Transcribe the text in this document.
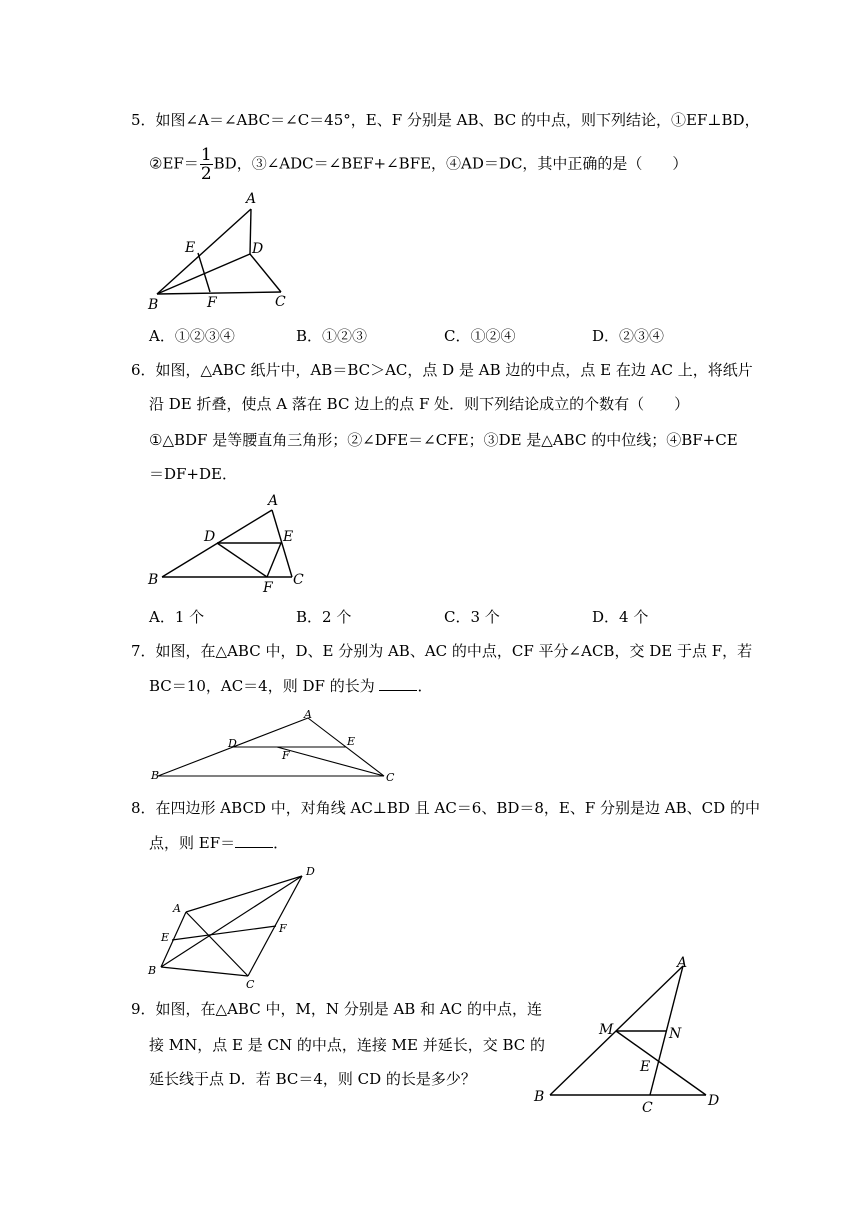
5．如图∠A＝∠ABC＝∠C＝45°，E、F 分别是 AB、BC 的中点，则下列结论，①EF⊥BD，
②EF＝ $\frac{1}{2}$ BD，③∠ADC＝∠BEF+∠BFE，④AD＝DC，其中正确的是（　　）
A
B	C
D
E
F
A．①②③④	B．①②③	C．①②④	D．②③④
6．如图，△ABC 纸片中，AB＝BC＞AC，点 D 是 AB 边的中点，点 E 在边 AC 上，将纸片
沿 DE 折叠，使点 A 落在 BC 边上的点 F 处．则下列结论成立的个数有（　　）
①△BDF 是等腰直角三角形；②∠DFE＝∠CFE；③DE 是△ABC 的中位线；④BF+CE
＝DF+DE．
A
B	C
D	E
F
A．1 个	B．2 个	C．3 个	D．4 个
7．如图，在△ABC 中，D、E 分别为 AB、AC 的中点，CF 平分∠ACB，交 DE 于点 F，若
BC＝10，AC＝4，则 DF 的长为	．
A
B	C
D	E
F
8．在四边形 ABCD 中，对角线 AC⊥BD 且 AC＝6、BD＝8，E、F 分别是边 AB、CD 的中
点，则 EF＝	．
A
B
C
D
E
F
9．如图，在△ABC 中，M，N 分别是 AB 和 AC 的中点，连
接 MN，点 E 是 CN 的中点，连接 ME 并延长，交 BC 的
延长线于点 D．若 BC＝4，则 CD 的长是多少？
A
B
C	D
E
M	N
